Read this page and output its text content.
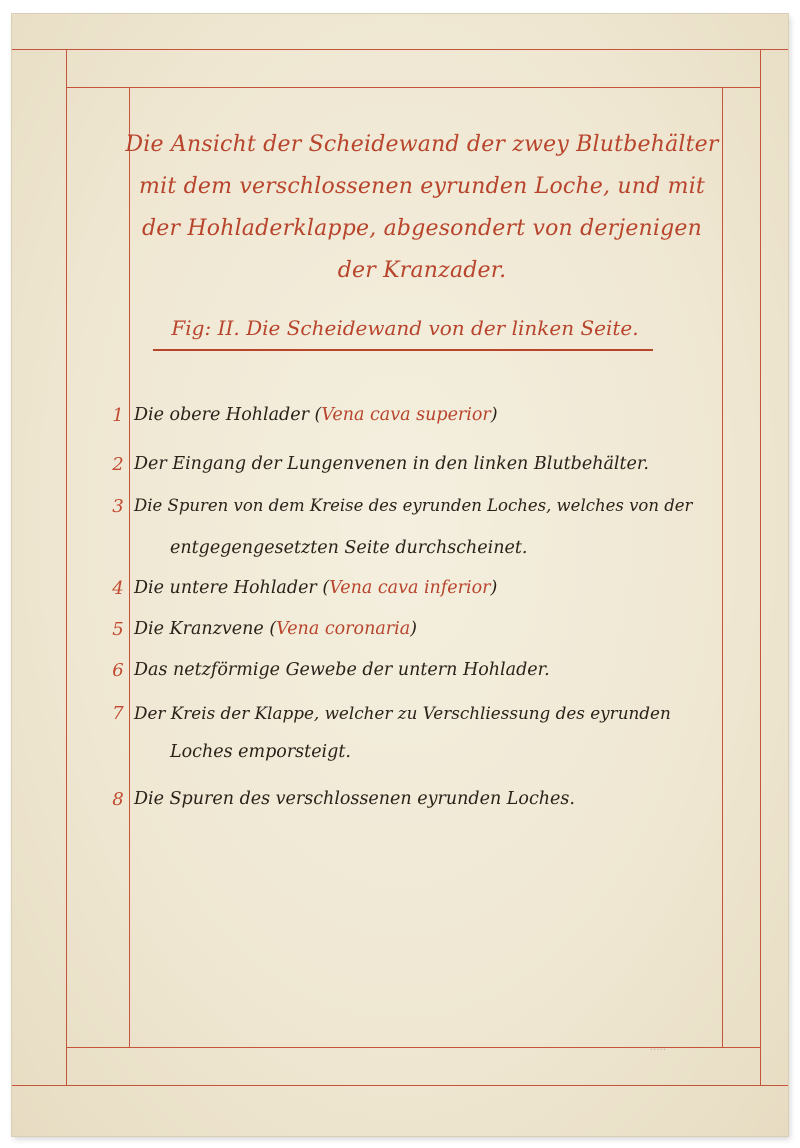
Die Ansicht der Scheidewand der zwey Blutbehälter
mit dem verschlossenen eyrunden Loche, und mit
der Hohladerklappe, abgesondert von derjenigen
der Kranzader.
Fig: II. Die Scheidewand von der linken Seite.
1 Die obere Hohlader (Vena cava superior)
2 Der Eingang der Lungenvenen in den linken Blutbehälter.
3 Die Spuren von dem Kreise des eyrunden Loches, welches von der
entgegengesetzten Seite durchscheinet.
4 Die untere Hohlader (Vena cava inferior)
5 Die Kranzvene (Vena coronaria)
6 Das netzförmige Gewebe der untern Hohlader.
7 Der Kreis der Klappe, welcher zu Verschliessung des eyrunden
Loches emporsteigt.
8 Die Spuren des verschlossenen eyrunden Loches.
·····
